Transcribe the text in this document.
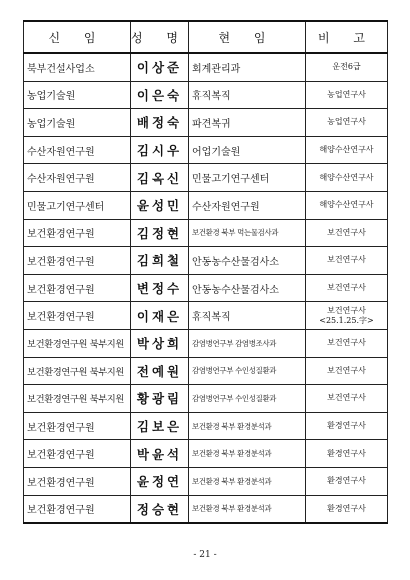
신 임	성 명	현 임	비 고
북부건설사업소	이상준	회계관리과	운전6급

농업기술원	이은숙	휴직복직	농업연구사

농업기술원	배정숙	파견복귀	농업연구사

수산자원연구원	김시우	어업기술원	해양수산연구사

수산자원연구원	김옥신	민물고기연구센터	해양수산연구사

민물고기연구센터	윤성민	수산자원연구원	해양수산연구사

보건환경연구원	김정현	보건환경 북부 먹는물검사과	보건연구사

보건환경연구원	김희철	안동농수산물검사소	보건연구사

보건환경연구원	변정수	안동농수산물검사소	보건연구사

보건환경연구원	이재은	휴직복직	보건연구사
<25.1.25.字>

보건환경연구원 북부지원	박상희	감염병연구부 감염병조사과	보건연구사

보건환경연구원 북부지원	전예원	감염병연구부 수인성질환과	보건연구사

보건환경연구원 북부지원	황광림	감염병연구부 수인성질환과	보건연구사

보건환경연구원	김보은	보건환경 북부 환경분석과	환경연구사

보건환경연구원	박윤석	보건환경 북부 환경분석과	환경연구사

보건환경연구원	윤정연	보건환경 북부 환경분석과	환경연구사

보건환경연구원	정승현	보건환경 북부 환경분석과	환경연구사
- 21 -
